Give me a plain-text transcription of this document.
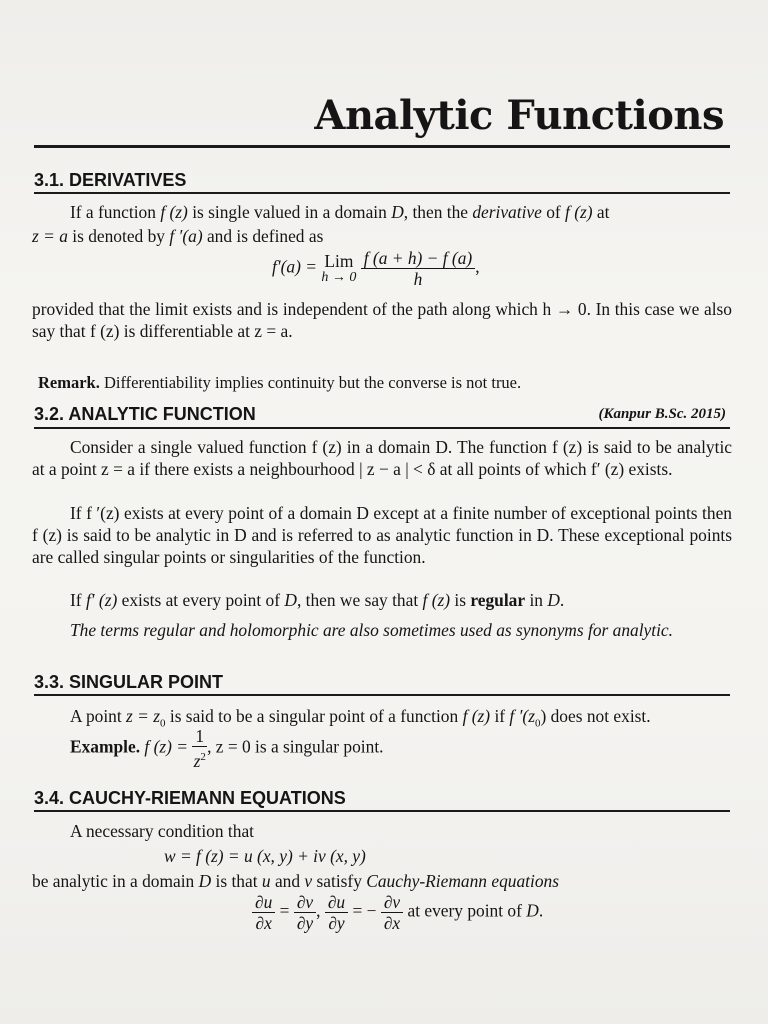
Analytic Functions
3.1. DERIVATIVES
If a function f (z) is single valued in a domain D, then the derivative of f (z) at
z = a is denoted by f ′(a) and is defined as
f′(a) = Lim
h → 0
$\frac{f (a + h) - f (a)}{h}$ ,

provided that the limit exists and is independent of the path along which h → 0. In this case we also say that f (z) is differentiable at z = a.

Remark. Differentiability implies continuity but the converse is not true.
3.2. ANALYTIC FUNCTION	(Kanpur B.Sc. 2015)

Consider a single valued function f (z) in a domain D. The function f (z) is said to be analytic at a point z = a if there exists a neighbourhood | z − a | < δ at all points of which f′ (z) exists.

If f ′(z) exists at every point of a domain D except at a finite number of exceptional points then f (z) is said to be analytic in D and is referred to as analytic function in D. These exceptional points are called singular points or singularities of the function.

If f′ (z) exists at every point of D, then we say that f (z) is regular in D.

The terms regular and holomorphic are also sometimes used as synonyms for analytic.

3.3. SINGULAR POINT
A point $z = z_0$ is said to be a singular point of a function f (z) if f $'(z_0)$ does not exist.
Example. f $(z) = \frac{1}{z^2}$ , z = 0 is a singular point.
3.4. CAUCHY-RIEMANN EQUATIONS
A necessary condition that
w = f (z) = u (x, y) + iv (x, y)
be analytic in a domain D is that u and v satisfy Cauchy-Riemann equations
$\frac{\partial u}{\partial x} = \frac{\partial v}{\partial y}$ , $\frac{\partial u}{\partial y}$ = − $\frac{\partial v}{\partial x}$ at every point of D.
